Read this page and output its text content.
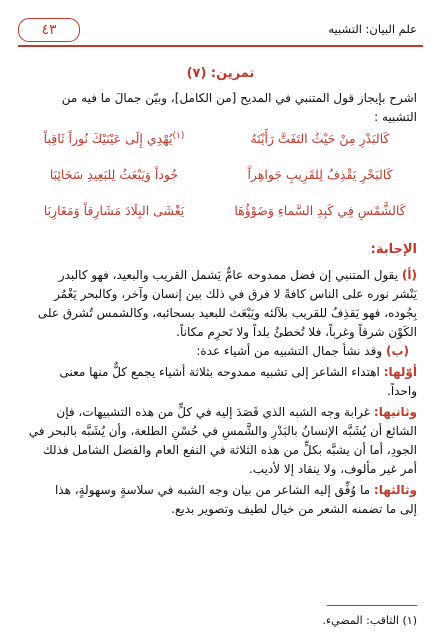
علم البيان: التشبيه
٤٣
تمرين: (٧)
اشرح بإيجاز قول المتنبي في المديح [من الكامل]، وبيّن جمالَ ما فيه من
التشبيه :
كَالبَدْرِ مِنْ حَيْثُ التَفَتَّ رَأَيْتَهُ
$^{(١)}$يُهْدِي إِلَى عَيْنَيْكَ نُوراً ثَاقِباً
كَالبَحْرِ يَقْذِفُ لِلقَرِيبِ جَواهِراً
جُوداً وَيَبْعَثُ لِلبَعِيدِ سَحَائِبَا
كَالشَّمْسِ فِي كَبِدِ السَّماءِ وَضَوْؤُهَا
يَغْشَى البِلَادَ مَشَارِقاً وَمَغَارِبَا
الإجابة:
(أ) يقول المتنبي إن فضل ممدوحه عامٌّ يَشمل القريب والبعيد، فهو كالبدر
يَنْشر نوره على الناس كافةً لا فرق في ذلك بين إنسان وآخر، وكالبحر يَغْمُر
بِجُوده، فهو يَقذِفُ للقريب بلآلئه ويَبْعَث للبعيد بسحائبه، وكالشمس تُشرق على
الكَوْن شرقاً وغرباً، فلا تُخطئُ بلداً ولا تَحرِم مكاناً.
(ب) وقد نشأ جمال التشبيه من أشياء عدة:
أوّلها: اهتداء الشاعر إلى تشبيه ممدوحه بثلاثة أشياء يجمع كلٌّ منها معنى
واحداً.
وثانيها: غرابة وجه الشبه الذي قَصَدَ إليه في كلٍّ من هذه التشبيهات، فإن
الشائع أن يُشَبَّه الإنسانُ بالبَدْرِ والشَّمسِ في حُسْنِ الطلعة، وأن يُشَبَّه بالبحر في
الجودِ، أما أن يشبَّه بكلٍّ من هذه الثلاثة في النفع العام والفضل الشامل فذلك
أمر غير مألوف، ولا ينقاد إلا لأديب.
وثالثها: ما وُفِّق إليه الشاعر من بيان وجه الشبه في سلاسةٍ وسهولةٍ، هذا
إلى ما تضمنه الشعر من خيال لطيف وتصوير بديع.
(١) الثاقب: المضيء.
